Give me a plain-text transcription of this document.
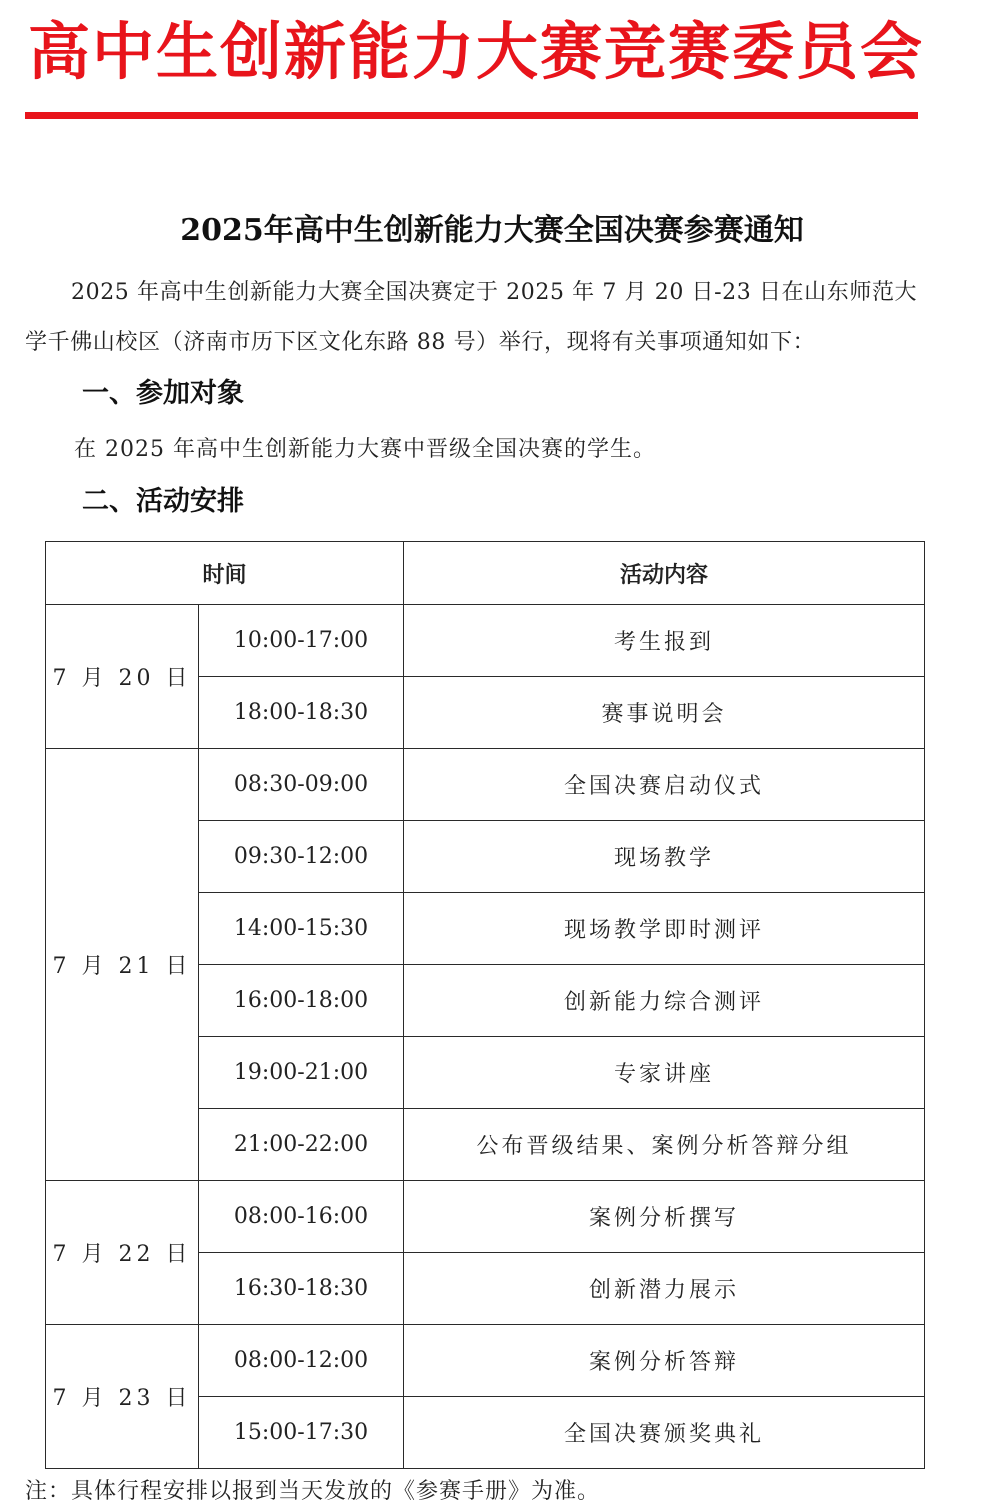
高中生创新能力大赛竞赛委员会
2025年高中生创新能力大赛全国决赛参赛通知

2025 年高中生创新能力大赛全国决赛定于 2025 年 7 月 20 日-23 日在山东师范大学千佛山校区（济南市历下区文化东路 88 号）举行，现将有关事项通知如下：

一、参加对象
在 2025 年高中生创新能力大赛中晋级全国决赛的学生。
二、活动安排
时间		活动内容
7 月 20 日	10:00-17:00	考生报到
	18:00-18:30	赛事说明会
7 月 21 日	08:30-09:00	全国决赛启动仪式
	09:30-12:00	现场教学
	14:00-15:30	现场教学即时测评
	16:00-18:00	创新能力综合测评
	19:00-21:00	专家讲座
	21:00-22:00	公布晋级结果、案例分析答辩分组
7 月 22 日	08:00-16:00	案例分析撰写
	16:30-18:30	创新潜力展示
7 月 23 日	08:00-12:00	案例分析答辩
	15:00-17:30	全国决赛颁奖典礼
注：具体行程安排以报到当天发放的《参赛手册》为准。
